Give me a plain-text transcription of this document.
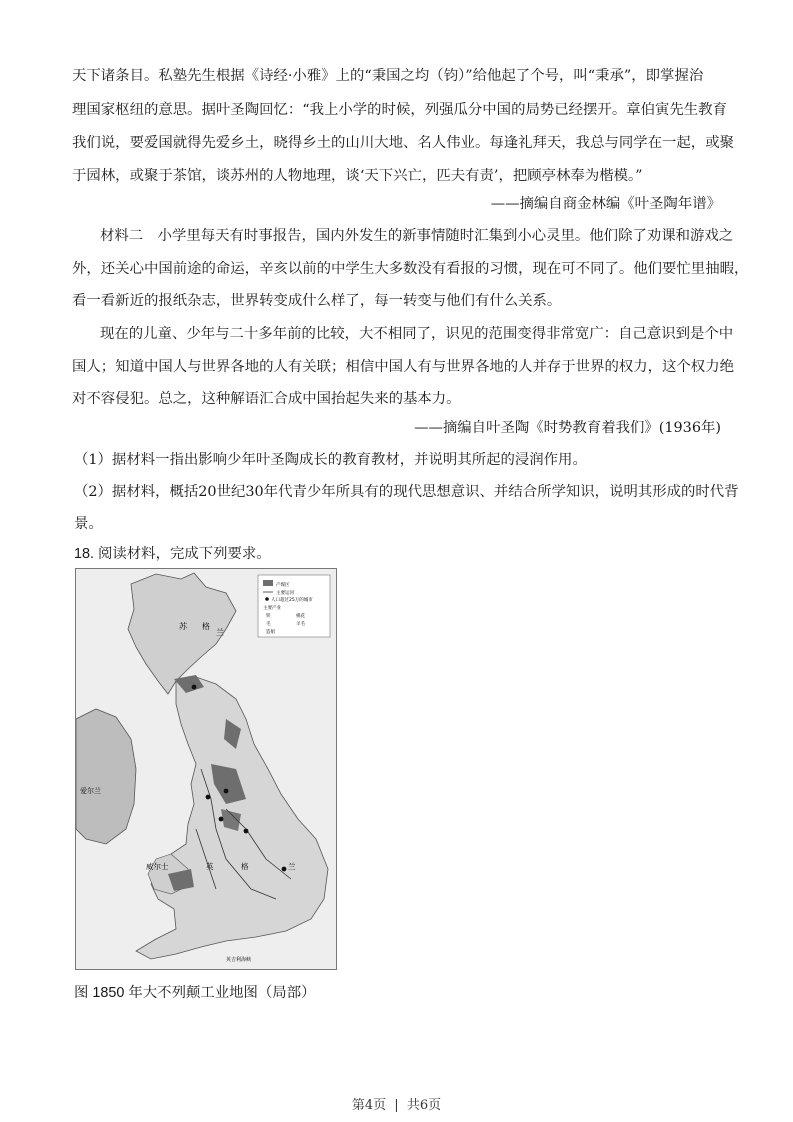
天下诸条目。私塾先生根据《诗经·小雅》上的“秉国之均（钧）”给他起了个号，叫“秉承”，即掌握治
理国家枢纽的意思。据叶圣陶回忆：“我上小学的时候，列强瓜分中国的局势已经摆开。章伯寅先生教育
我们说，要爱国就得先爱乡土，晓得乡土的山川大地、名人伟业。每逢礼拜天，我总与同学在一起，或聚
于园林，或聚于茶馆，谈苏州的人物地理，谈‘天下兴亡，匹夫有责’，把顾亭林奉为楷模。”
——摘编自商金林编《叶圣陶年谱》
材料二　小学里每天有时事报告，国内外发生的新事情随时汇集到小心灵里。他们除了劝课和游戏之
外，还关心中国前途的命运，辛亥以前的中学生大多数没有看报的习惯，现在可不同了。他们要忙里抽暇，
看一看新近的报纸杂志，世界转变成什么样了，每一转变与他们有什么关系。
现在的儿童、少年与二十多年前的比较，大不相同了，识见的范围变得非常宽广：自己意识到是个中
国人；知道中国人与世界各地的人有关联；相信中国人有与世界各地的人并存于世界的权力，这个权力绝
对不容侵犯。总之，这种解语汇合成中国抬起失来的基本力。
——摘编自叶圣陶《时势教育着我们》(1936年)
（1）据材料一指出影响少年叶圣陶成长的教育教材，并说明其所起的浸润作用。
（2）据材料，概括20世纪30年代青少年所具有的现代思想意识、并结合所学知识，说明其形成的时代背
景。
18. 阅读材料，完成下列要求。
产煤区
主要运河
人口超过25万的城市
主要产业
铁	棉花
毛	羊毛
造船
苏 格
兰
爱尔兰
威尔士	英	格	兰
英吉利海峡
图 1850 年大不列颠工业地图（局部）
第4页 | 共6页
